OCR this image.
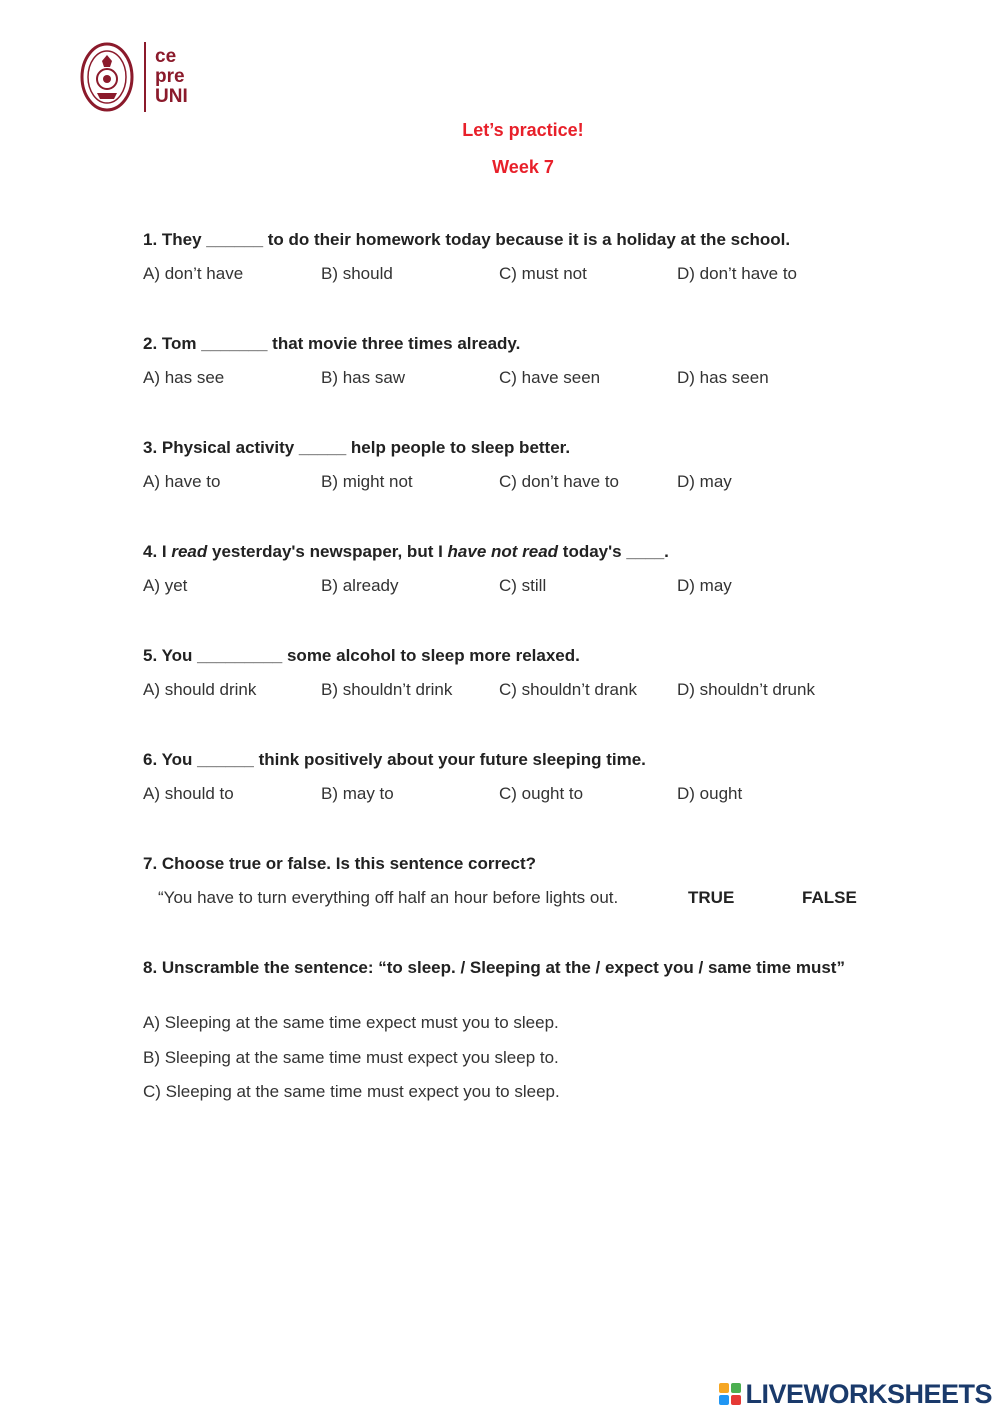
ce
pre
UNI
Let’s practice!
Week 7
1. They ______ to do their homework today because it is a holiday at the school.
A) don’t have	B) should	C) must not	D) don’t have to
2. Tom _______ that movie three times already.
A) has see	B) has saw	C) have seen	D) has seen
3. Physical activity _____ help people to sleep better.
A) have to	B) might not	C) don’t have to	D) may
4. I read yesterday's newspaper, but I have not read today's ____.
A) yet	B) already	C) still	D) may
5. You _________ some alcohol to sleep more relaxed.
A) should drink	B) shouldn’t drink	C) shouldn’t drank D) shouldn’t drunk
6. You ______ think positively about your future sleeping time.
A) should to	B) may to	C) ought to	D) ought
7. Choose true or false. Is this sentence correct?
“You have to turn everything off half an hour before lights out.	TRUE	FALSE
8. Unscramble the sentence: “to sleep. / Sleeping at the / expect you / same time must”
A) Sleeping at the same time expect must you to sleep.
B) Sleeping at the same time must expect you sleep to.
C) Sleeping at the same time must expect you to sleep.
LIVEWORKSHEETS
